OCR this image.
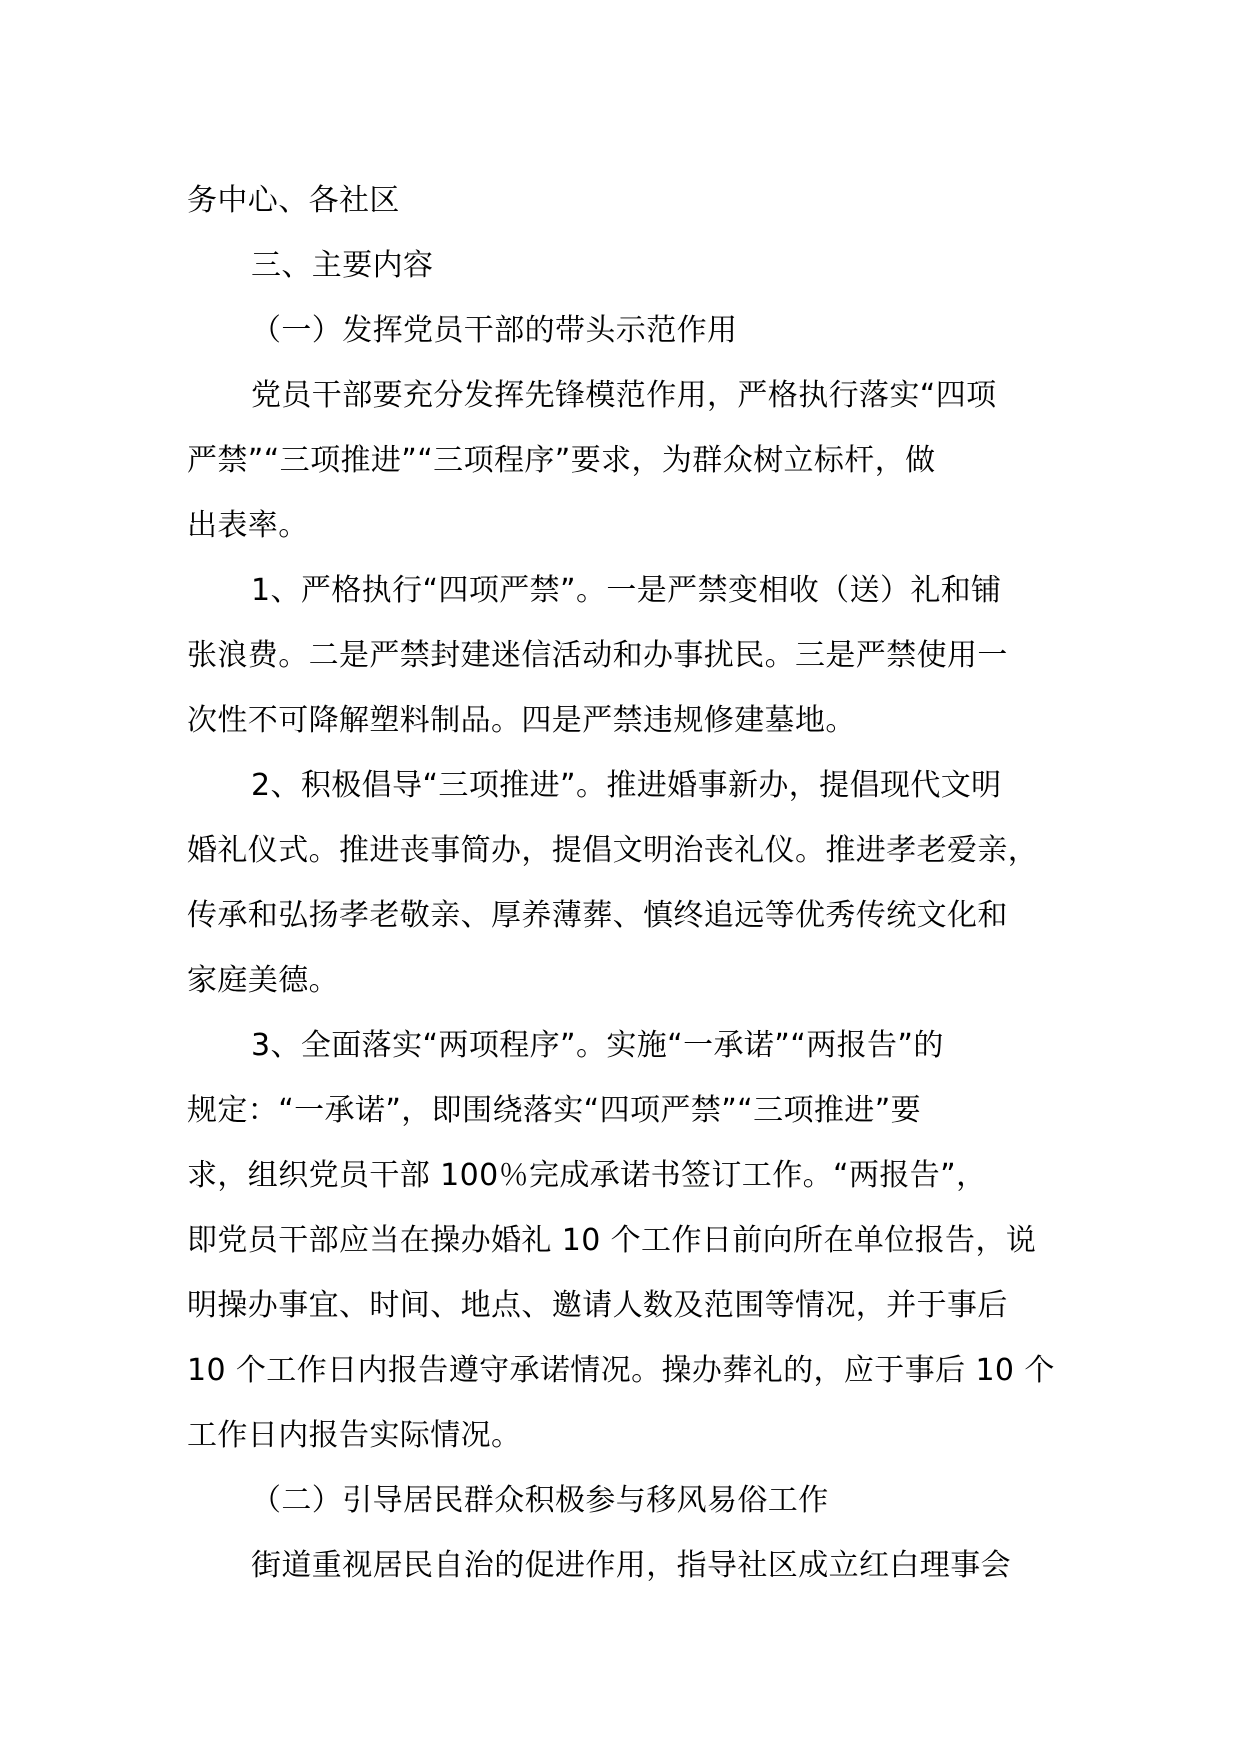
务中心、各社区
三、主要内容
（一）发挥党员干部的带头示范作用
党员干部要充分发挥先锋模范作用，严格执行落实“四项
严禁”“三项推进”“三项程序”要求，为群众树立标杆，做
出表率。
1、严格执行“四项严禁”。一是严禁变相收（送）礼和铺
张浪费。二是严禁封建迷信活动和办事扰民。三是严禁使用一
次性不可降解塑料制品。四是严禁违规修建墓地。
2、积极倡导“三项推进”。推进婚事新办，提倡现代文明
婚礼仪式。推进丧事简办，提倡文明治丧礼仪。推进孝老爱亲，
传承和弘扬孝老敬亲、厚养薄葬、慎终追远等优秀传统文化和
家庭美德。
3、全面落实“两项程序”。实施“一承诺”“两报告”的
规定：“一承诺”，即围绕落实“四项严禁”“三项推进”要
求，组织党员干部 100％完成承诺书签订工作。“两报告”，
即党员干部应当在操办婚礼 10 个工作日前向所在单位报告，说
明操办事宜、时间、地点、邀请人数及范围等情况，并于事后
10 个工作日内报告遵守承诺情况。操办葬礼的，应于事后 10 个
工作日内报告实际情况。
（二）引导居民群众积极参与移风易俗工作
街道重视居民自治的促进作用，指导社区成立红白理事会
